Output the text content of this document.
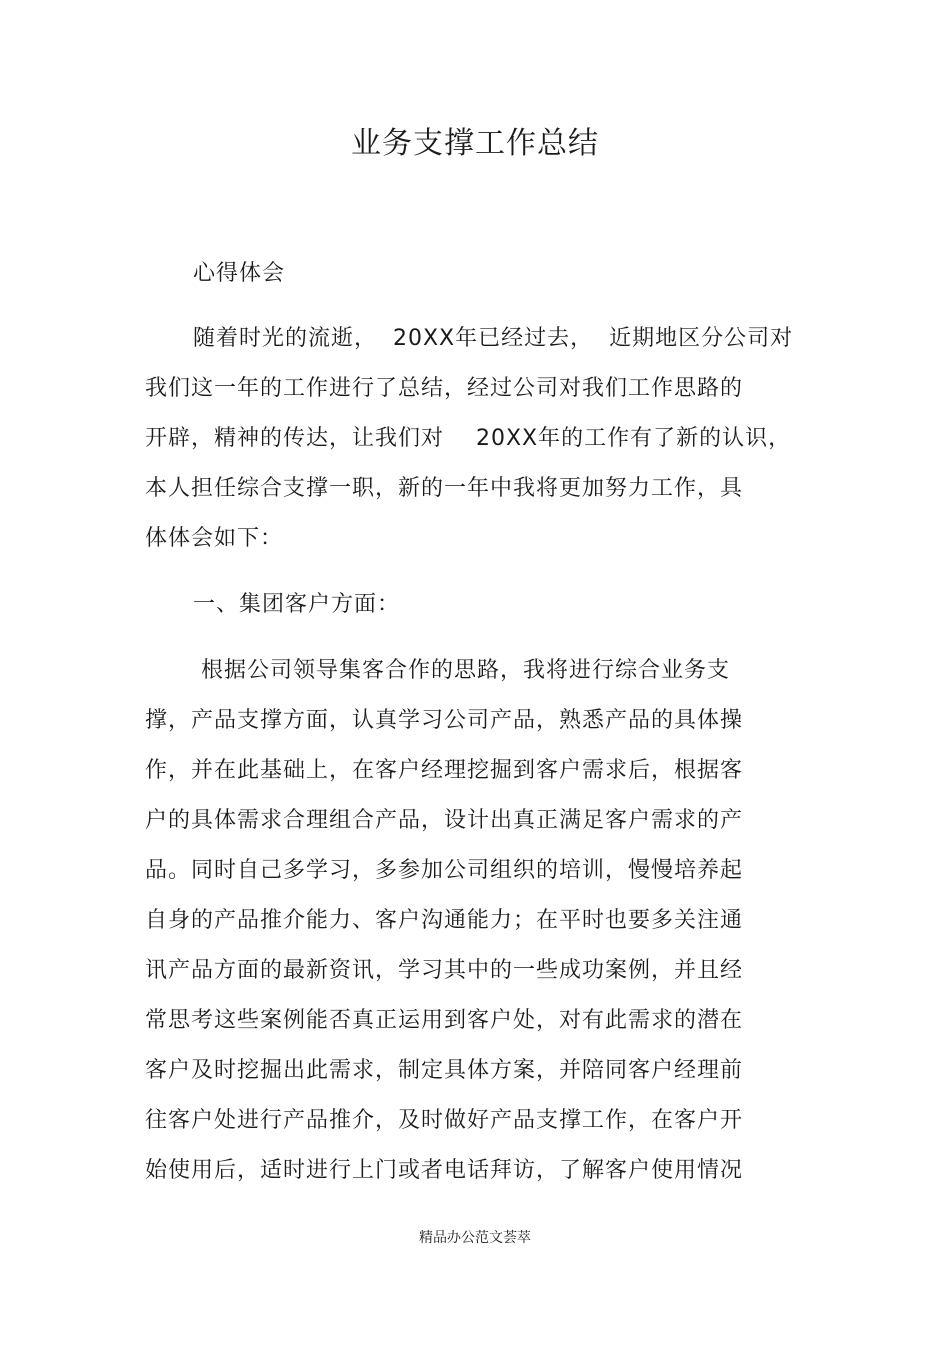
业务支撑工作总结
心得体会
随着时光的流逝，  20XX年已经过去，  近期地区分公司对
我们这一年的工作进行了总结，经过公司对我们工作思路的
开辟，精神的传达，让我们对    20XX年的工作有了新的认识，
本人担任综合支撑一职，新的一年中我将更加努力工作，具
体体会如下：
一、集团客户方面：
根据公司领导集客合作的思路，我将进行综合业务支
撑，产品支撑方面，认真学习公司产品，熟悉产品的具体操
作，并在此基础上，在客户经理挖掘到客户需求后，根据客
户的具体需求合理组合产品，设计出真正满足客户需求的产
品。同时自己多学习，多参加公司组织的培训，慢慢培养起
自身的产品推介能力、客户沟通能力；在平时也要多关注通
讯产品方面的最新资讯，学习其中的一些成功案例，并且经
常思考这些案例能否真正运用到客户处，对有此需求的潜在
客户及时挖掘出此需求，制定具体方案，并陪同客户经理前
往客户处进行产品推介，及时做好产品支撑工作，在客户开
始使用后，适时进行上门或者电话拜访，了解客户使用情况
精品办公范文荟萃
